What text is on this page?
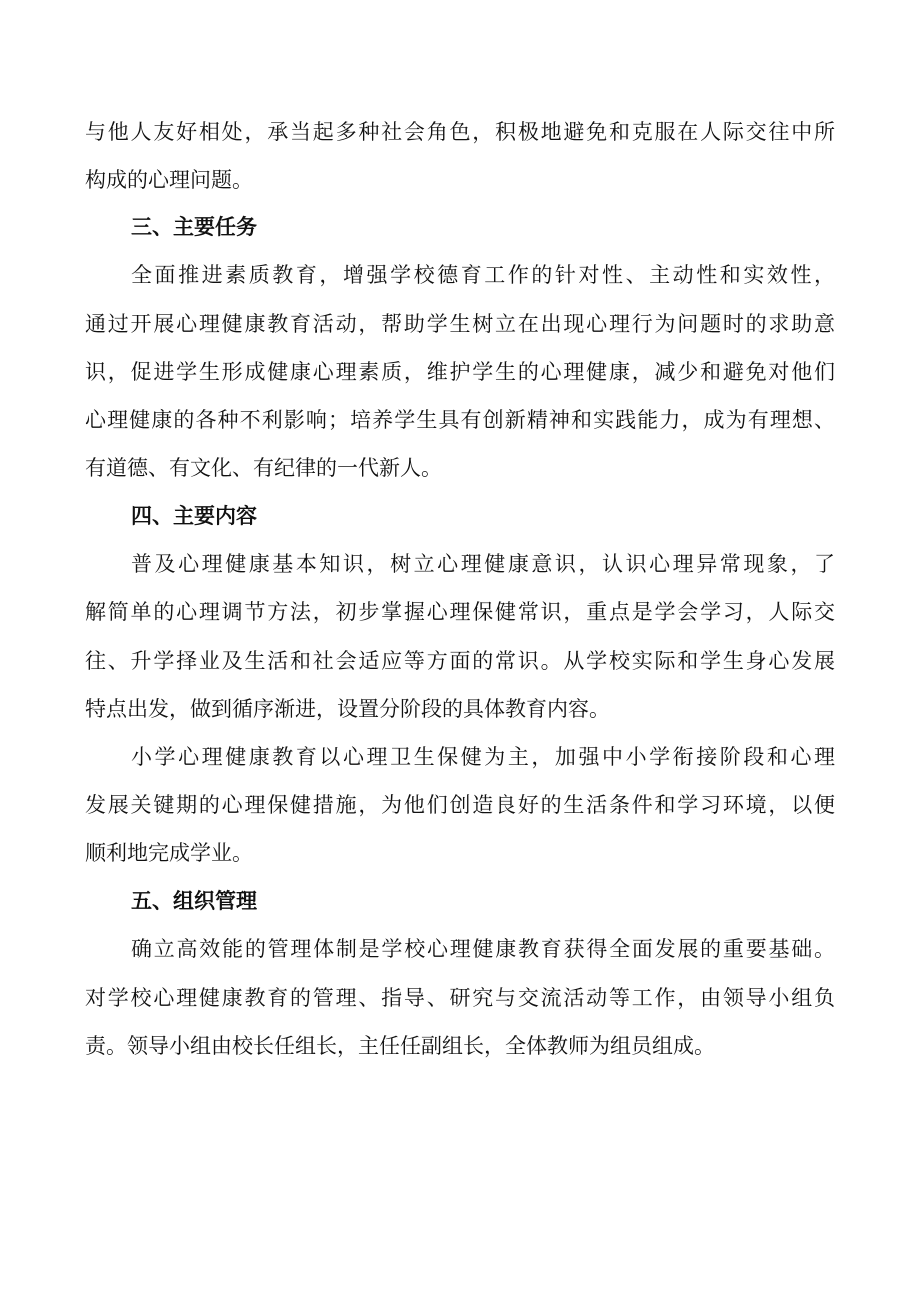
与他人友好相处，承当起多种社会角色，积极地避免和克服在人际交往中所
构成的心理问题。
三、主要任务
全面推进素质教育，增强学校德育工作的针对性、主动性和实效性，
通过开展心理健康教育活动，帮助学生树立在出现心理行为问题时的求助意
识，促进学生形成健康心理素质，维护学生的心理健康，减少和避免对他们
心理健康的各种不利影响；培养学生具有创新精神和实践能力，成为有理想、
有道德、有文化、有纪律的一代新人。
四、主要内容
普及心理健康基本知识，树立心理健康意识，认识心理异常现象，了
解简单的心理调节方法，初步掌握心理保健常识，重点是学会学习，人际交
往、升学择业及生活和社会适应等方面的常识。从学校实际和学生身心发展
特点出发，做到循序渐进，设置分阶段的具体教育内容。
小学心理健康教育以心理卫生保健为主，加强中小学衔接阶段和心理
发展关键期的心理保健措施，为他们创造良好的生活条件和学习环境，以便
顺利地完成学业。
五、组织管理
确立高效能的管理体制是学校心理健康教育获得全面发展的重要基础。
对学校心理健康教育的管理、指导、研究与交流活动等工作，由领导小组负
责。领导小组由校长任组长，主任任副组长，全体教师为组员组成。
